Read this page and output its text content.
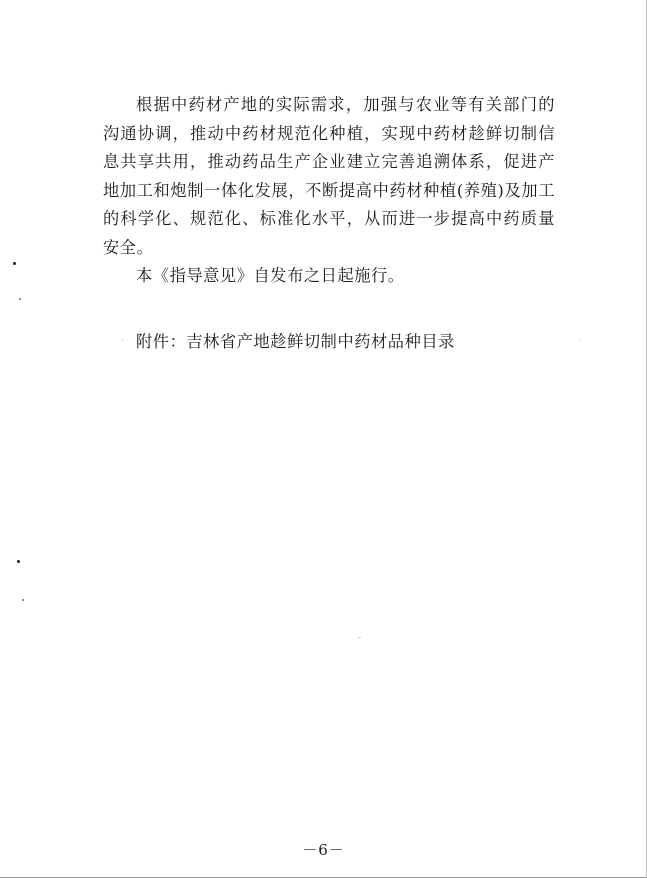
根据中药材产地的实际需求，加强与农业等有关部门的沟通协调，推动中药材规范化种植，实现中药材趁鲜切制信息共享共用，推动药品生产企业建立完善追溯体系，促进产地加工和炮制一体化发展，不断提高中药材种植(养殖)及加工的科学化、规范化、标准化水平，从而进一步提高中药质量安全。

本《指导意见》自发布之日起施行。

附件：吉林省产地趁鲜切制中药材品种目录
－6－
